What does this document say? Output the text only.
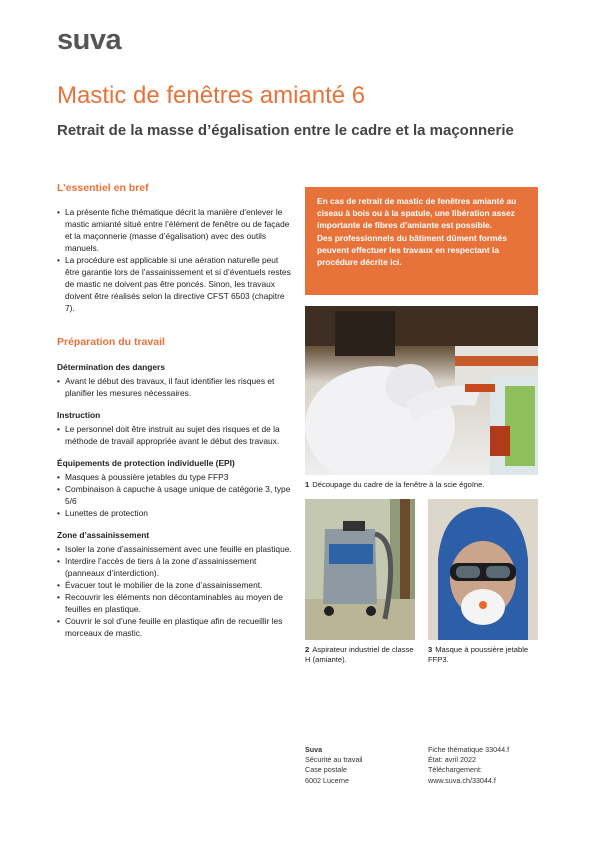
suva
Mastic de fenêtres amianté 6
Retrait de la masse d’égalisation entre le cadre et la maçonnerie
L’essentiel en bref
• La présente fiche thématique décrit la manière d’enlever le mastic amianté situé entre l’élément de fenêtre ou de façade et la maçonnerie (masse d’égalisation) avec des outils manuels.
• La procédure est applicable si une aération naturelle peut être garantie lors de l’assainissement et si d’éventuels restes de mastic ne doivent pas être poncés. Sinon, les travaux doivent être réalisés selon la directive CFST 6503 (chapitre 7).
Préparation du travail
Détermination des dangers
• Avant le début des travaux, il faut identifier les risques et planifier les mesures nécessaires.
Instruction
• Le personnel doit être instruit au sujet des risques et de la méthode de travail appropriée avant le début des travaux.
Équipements de protection individuelle (EPI)
• Masques à poussière jetables du type FFP3
• Combinaison à capuche à usage unique de catégorie 3, type 5/6
• Lunettes de protection
Zone d’assainissement
• Isoler la zone d’assainissement avec une feuille en plastique.
• Interdire l’accès de tiers à la zone d’assainissement (panneaux d’interdiction).
• Évacuer tout le mobilier de la zone d’assainissement.
• Recouvrir les éléments non décontaminables au moyen de feuilles en plastique.
• Couvrir le sol d’une feuille en plastique afin de recueillir les morceaux de mastic.

En cas de retrait de mastic de fenêtres amianté au ciseau à bois ou à la spatule, une libération assez importante de fibres d’amiante est possible.

Des professionnels du bâtiment dûment formés peuvent effectuer les travaux en respectant la procédure décrite ici.

1 Découpage du cadre de la fenêtre à la scie égoïne.
2 Aspirateur industriel de classe H (amiante).
3 Masque à poussière jetable FFP3.
Suva
Sécurité au travail
Case postale
6002 Lucerne
Fiche thématique 33044.f
État: avril 2022
Téléchargement:
www.suva.ch/33044.f
